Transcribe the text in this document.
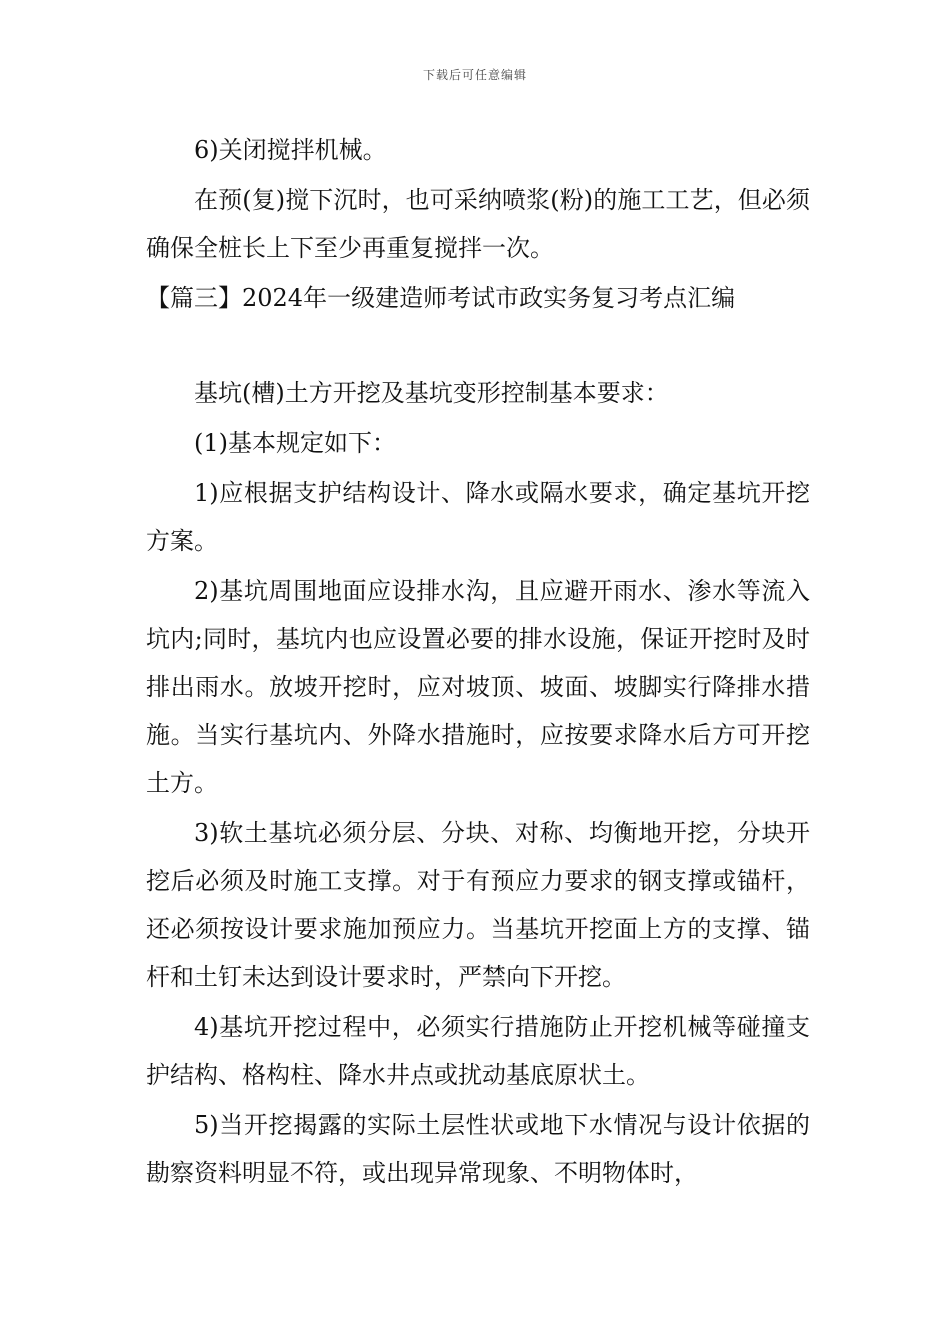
下载后可任意编辑

6)关闭搅拌机械。

在预(复)搅下沉时，也可采纳喷浆(粉)的施工工艺，但必须确保全桩长上下至少再重复搅拌一次。

【篇三】2024年一级建造师考试市政实务复习考点汇编

基坑(槽)土方开挖及基坑变形控制基本要求：

(1)基本规定如下：

1)应根据支护结构设计、降水或隔水要求，确定基坑开挖方案。

2)基坑周围地面应设排水沟，且应避开雨水、渗水等流入坑内;同时，基坑内也应设置必要的排水设施，保证开挖时及时排出雨水。放坡开挖时，应对坡顶、坡面、坡脚实行降排水措施。当实行基坑内、外降水措施时，应按要求降水后方可开挖土方。

3)软土基坑必须分层、分块、对称、均衡地开挖，分块开挖后必须及时施工支撑。对于有预应力要求的钢支撑或锚杆，还必须按设计要求施加预应力。当基坑开挖面上方的支撑、锚杆和土钉未达到设计要求时，严禁向下开挖。

4)基坑开挖过程中，必须实行措施防止开挖机械等碰撞支护结构、格构柱、降水井点或扰动基底原状土。

5)当开挖揭露的实际土层性状或地下水情况与设计依据的勘察资料明显不符，或出现异常现象、不明物体时，
